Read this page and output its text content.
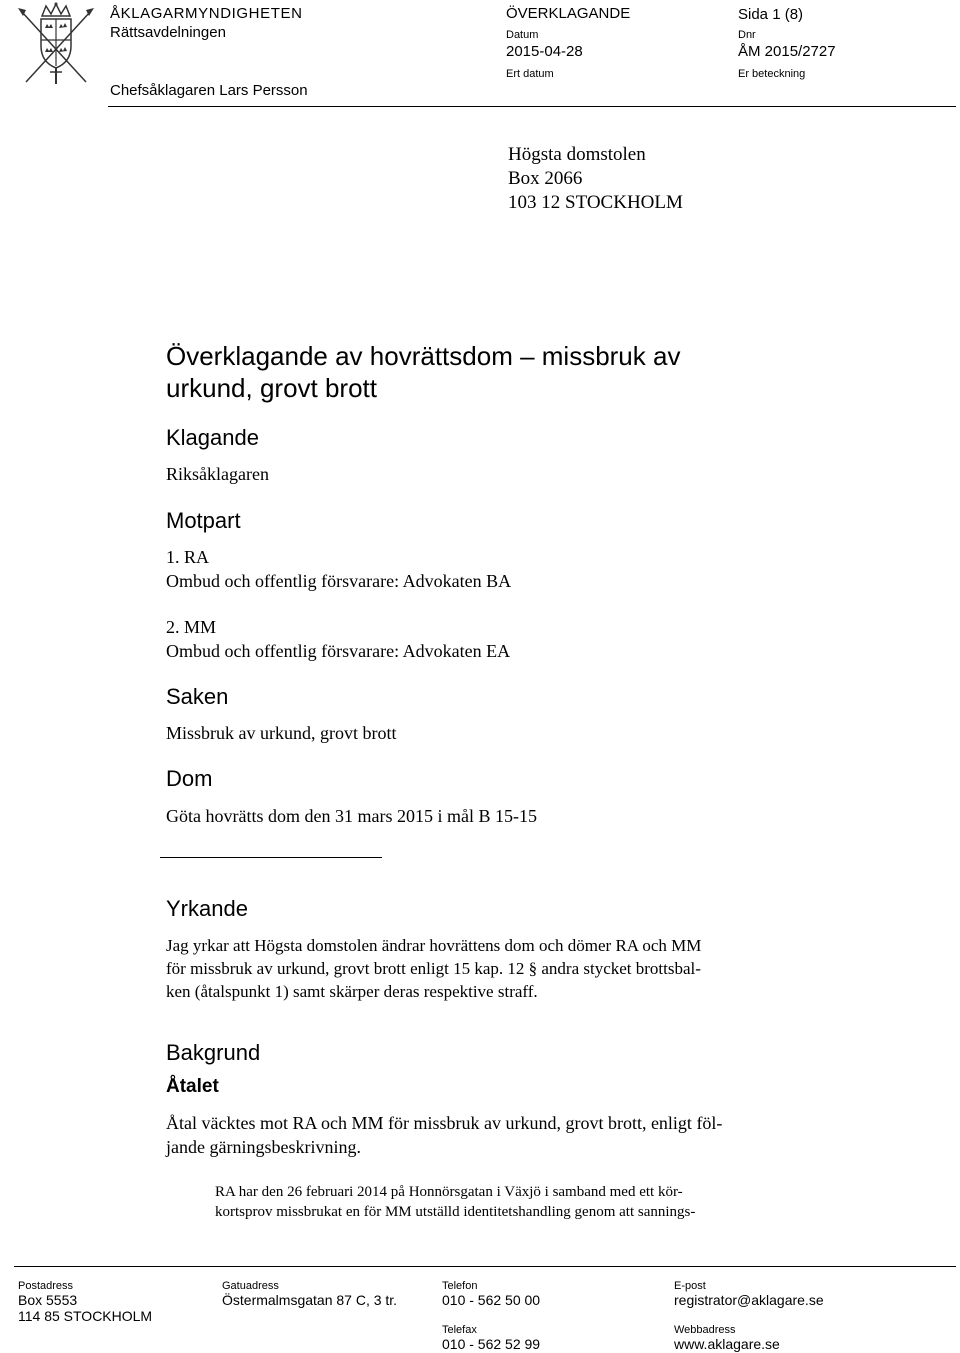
ÅKLAGARMYNDIGHETEN
Rättsavdelningen
Chefsåklagaren Lars Persson
ÖVERKLAGANDE	Sida 1 (8)
Datum
2015-04-28
Dnr
ÅM 2015/2727
Ert datum	Er beteckning
Högsta domstolen
Box 2066
103 12 STOCKHOLM
Överklagande av hovrättsdom – missbruk av
urkund, grovt brott
Klagande
Riksåklagaren
Motpart
1. RA
Ombud och offentlig försvarare: Advokaten BA
2. MM
Ombud och offentlig försvarare: Advokaten EA
Saken
Missbruk av urkund, grovt brott
Dom
Göta hovrätts dom den 31 mars 2015 i mål B 15-15
Yrkande
Jag yrkar att Högsta domstolen ändrar hovrättens dom och dömer RA och MM
för missbruk av urkund, grovt brott enligt 15 kap. 12 § andra stycket brottsbal-
ken (åtalspunkt 1) samt skärper deras respektive straff.
Bakgrund
Åtalet
Åtal väcktes mot RA och MM för missbruk av urkund, grovt brott, enligt föl-
jande gärningsbeskrivning.
RA har den 26 februari 2014 på Honnörsgatan i Växjö i samband med ett kör-
kortsprov missbrukat en för MM utställd identitetshandling genom att sannings-
Postadress
Box 5553
114 85 STOCKHOLM
Gatuadress
Östermalmsgatan 87 C, 3 tr.
Telefon
010 - 562 50 00
Telefax
010 - 562 52 99
E-post
registrator@aklagare.se
Webbadress
www.aklagare.se
